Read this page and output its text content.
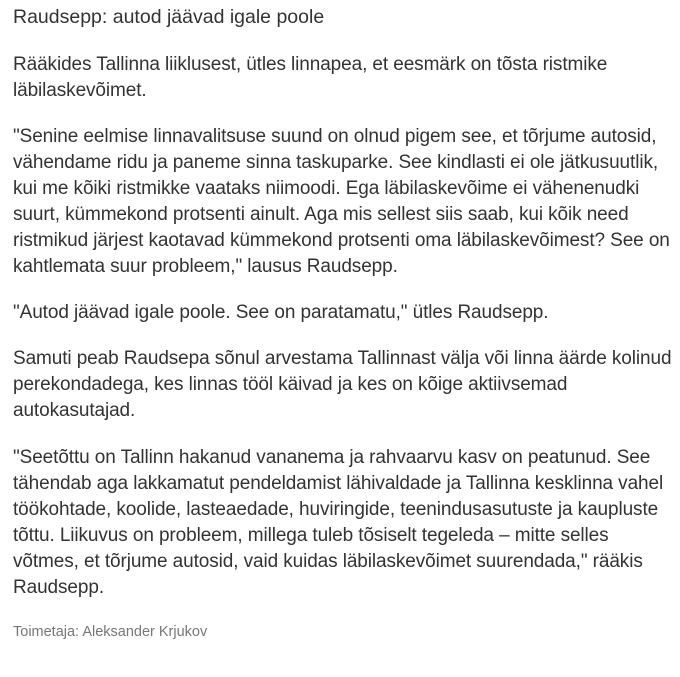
Raudsepp: autod jäävad igale poole

Rääkides Tallinna liiklusest, ütles linnapea, et eesmärk on tõsta ristmike läbilaskevõimet.

"Senine eelmise linnavalitsuse suund on olnud pigem see, et tõrjume autosid, vähendame ridu ja paneme sinna taskuparke. See kindlasti ei ole jätkusuutlik, kui me kõiki ristmikke vaataks niimoodi. Ega läbilaskevõime ei vähenenudki suurt, kümmekond protsenti ainult. Aga mis sellest siis saab, kui kõik need ristmikud järjest kaotavad kümmekond protsenti oma läbilaskevõimest? See on kahtlemata suur probleem," lausus Raudsepp.

"Autod jäävad igale poole. See on paratamatu," ütles Raudsepp.

Samuti peab Raudsepa sõnul arvestama Tallinnast välja või linna äärde kolinud perekondadega, kes linnas tööl käivad ja kes on kõige aktiivsemad autokasutajad.

"Seetõttu on Tallinn hakanud vananema ja rahvaarvu kasv on peatunud. See tähendab aga lakkamatut pendeldamist lähivaldade ja Tallinna kesklinna vahel töökohtade, koolide, lasteaedade, huviringide, teenindusasutuste ja kaupluste tõttu. Liikuvus on probleem, millega tuleb tõsiselt tegeleda – mitte selles võtmes, et tõrjume autosid, vaid kuidas läbilaskevõimet suurendada," rääkis Raudsepp.

Toimetaja: Aleksander Krjukov
